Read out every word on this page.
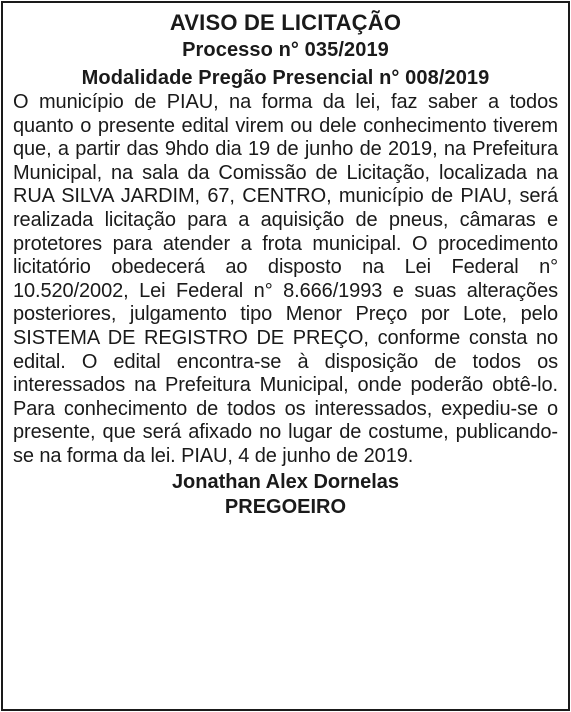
AVISO DE LICITAÇÃO
Processo n° 035/2019
Modalidade Pregão Presencial n° 008/2019

O município de PIAU, na forma da lei, faz saber a todos quanto o presente edital virem ou dele conhecimento tiverem que, a partir das 9hdo dia 19 de junho de 2019, na Prefeitura Municipal, na sala da Comissão de Licitação, localizada na RUA SILVA JARDIM, 67, CENTRO, município de PIAU, será realizada licitação para a aquisição de pneus, câmaras e protetores para atender a frota municipal. O procedimento licitatório obedecerá ao disposto na Lei Federal n° 10.520/2002, Lei Federal n° 8.666/1993 e suas alterações posteriores, julgamento tipo Menor Preço por Lote, pelo SISTEMA DE REGISTRO DE PREÇO, conforme consta no edital. O edital encontra-se à disposição de todos os interessados na Prefeitura Municipal, onde poderão obtê-lo. Para conhecimento de todos os interessados, expediu-se o presente, que será afixado no lugar de costume, publicando-se na forma da lei. PIAU, 4 de junho de 2019.

Jonathan Alex Dornelas
PREGOEIRO
